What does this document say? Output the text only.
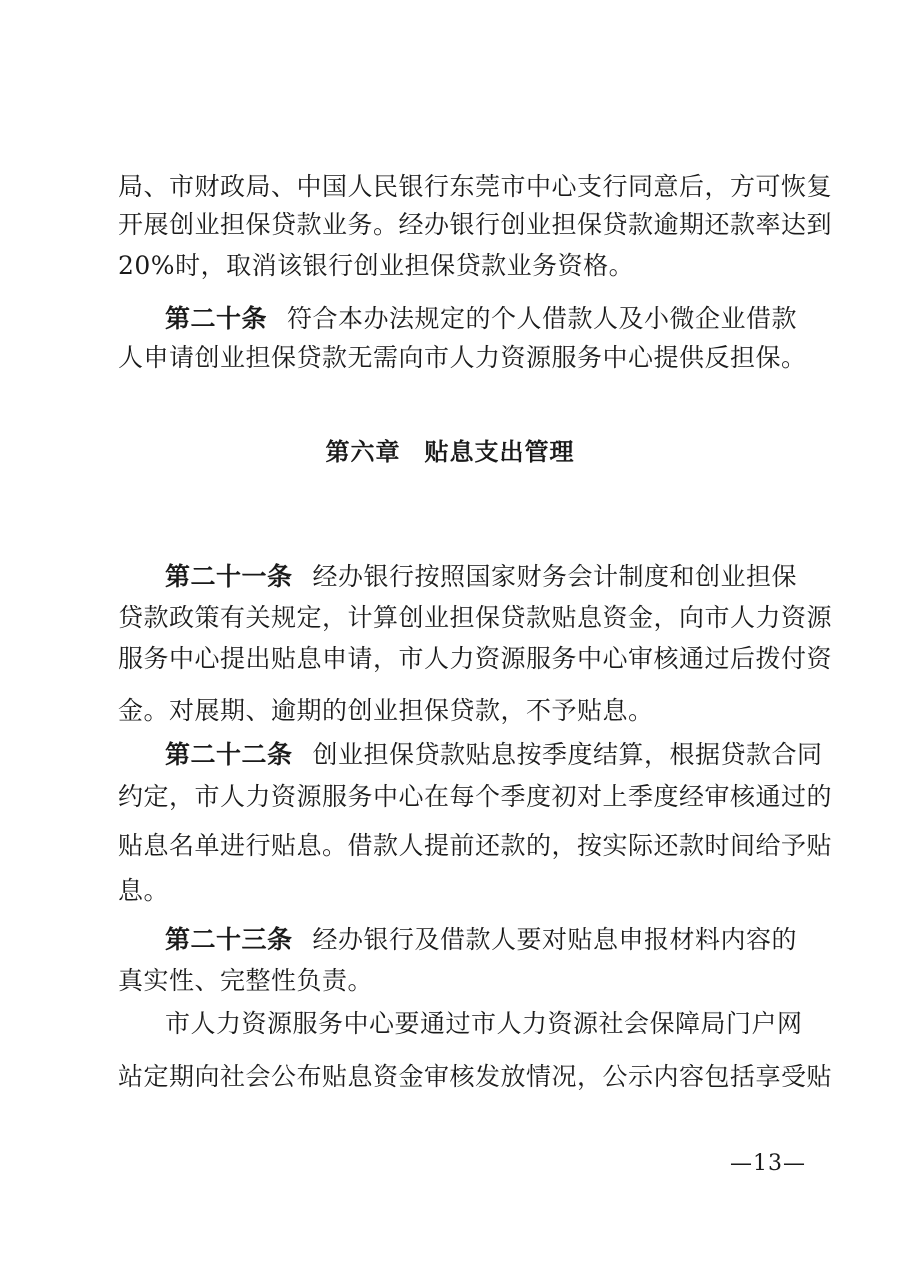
局、市财政局、中国人民银行东莞市中心支行同意后，方可恢复
开展创业担保贷款业务。经办银行创业担保贷款逾期还款率达到
20%时，取消该银行创业担保贷款业务资格。
第二十条 符合本办法规定的个人借款人及小微企业借款
人申请创业担保贷款无需向市人力资源服务中心提供反担保。
第六章 贴息支出管理
第二十一条 经办银行按照国家财务会计制度和创业担保
贷款政策有关规定，计算创业担保贷款贴息资金，向市人力资源
服务中心提出贴息申请，市人力资源服务中心审核通过后拨付资
金。对展期、逾期的创业担保贷款，不予贴息。
第二十二条 创业担保贷款贴息按季度结算，根据贷款合同
约定，市人力资源服务中心在每个季度初对上季度经审核通过的
贴息名单进行贴息。借款人提前还款的，按实际还款时间给予贴
息。
第二十三条 经办银行及借款人要对贴息申报材料内容的
真实性、完整性负责。
市人力资源服务中心要通过市人力资源社会保障局门户网
站定期向社会公布贴息资金审核发放情况，公示内容包括享受贴
—13—
